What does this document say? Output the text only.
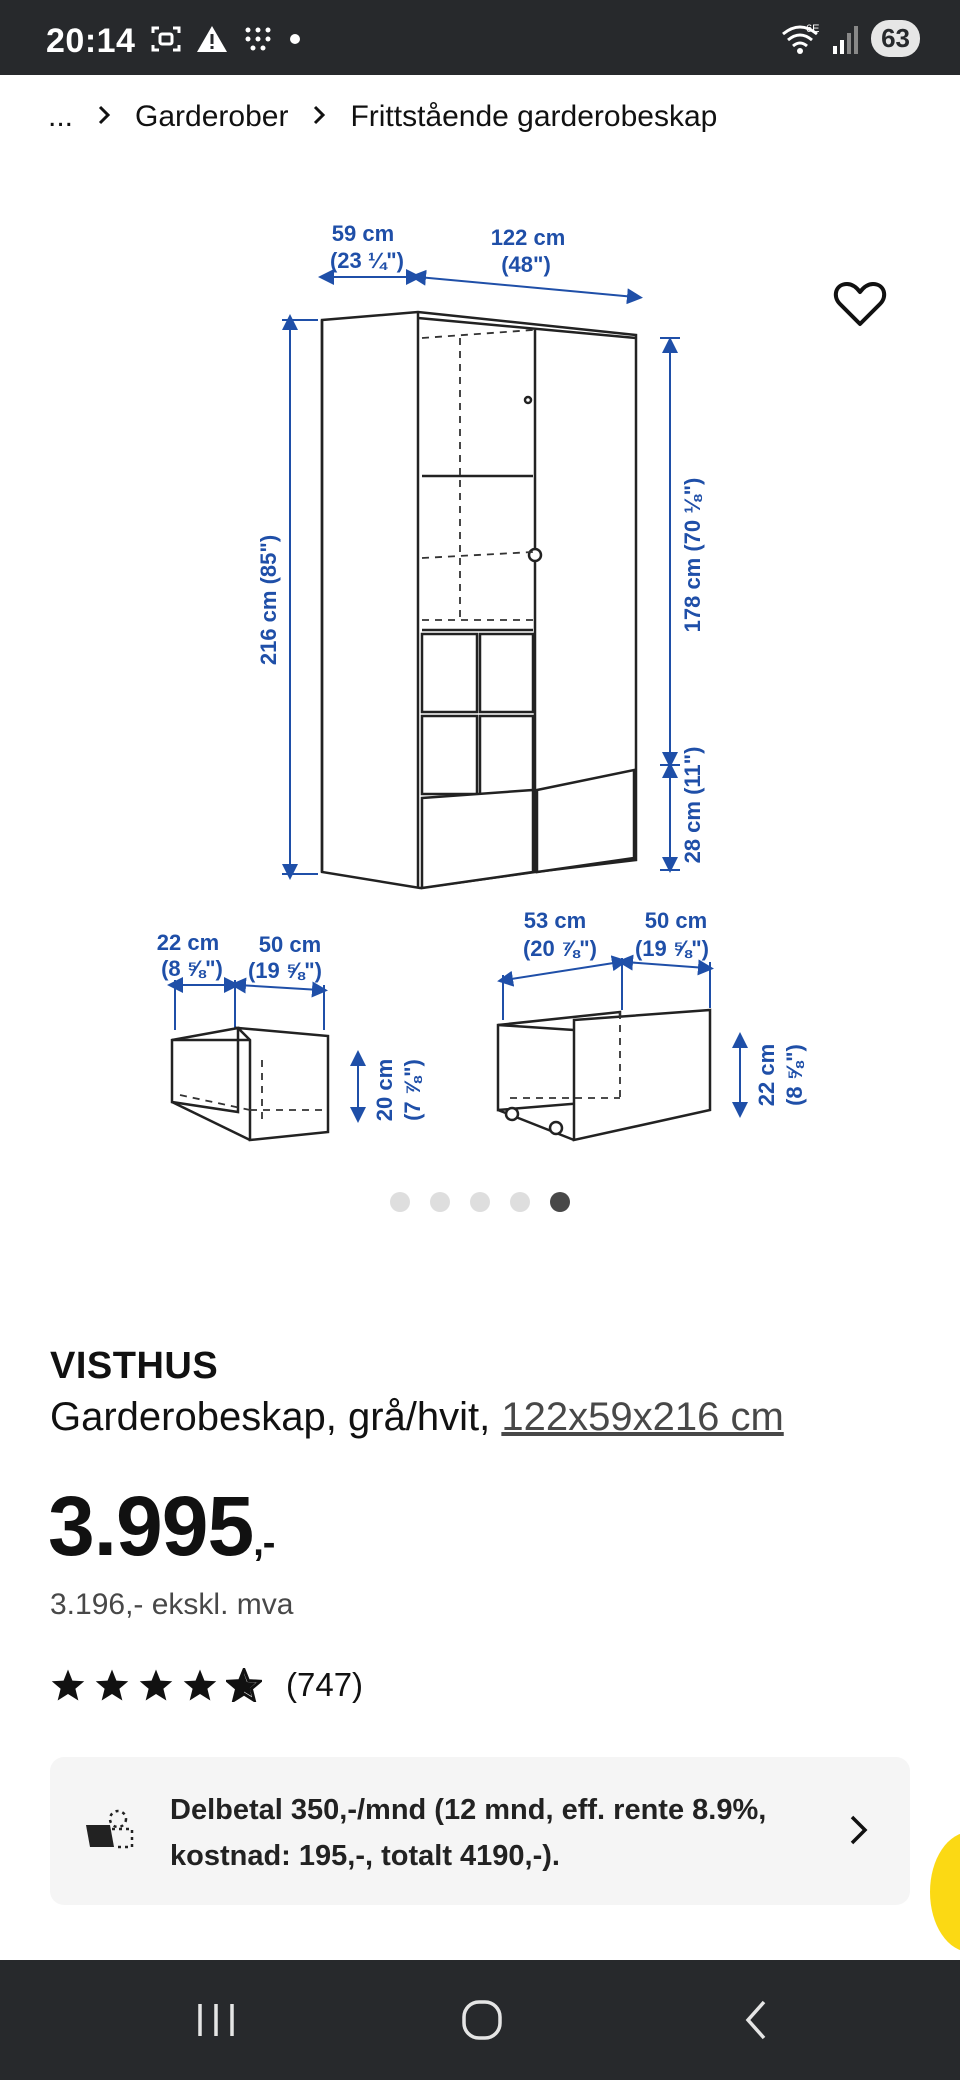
20:14	6E	63
... Garderober Frittstående garderobeskap
59 cm
(23 ¼")
122 cm
(48")
216 cm (85")	178 cm (70 ⅛")
28 cm (11")
22 cm
(8 ⅝")
50 cm
(19 ⅝")
20 cm (7 ⅞")
53 cm
(20 ⅞")
50 cm
(19 ⅝")
22 cm (8 ⅝")
VISTHUS
Garderobeskap, grå/hvit, 122x59x216 cm
3.995,-
3.196,- ekskl. mva
(747)
Delbetal 350,-/mnd (12 mnd, eff. rente 8.9%, kostnad: 195,-, totalt 4190,-).
